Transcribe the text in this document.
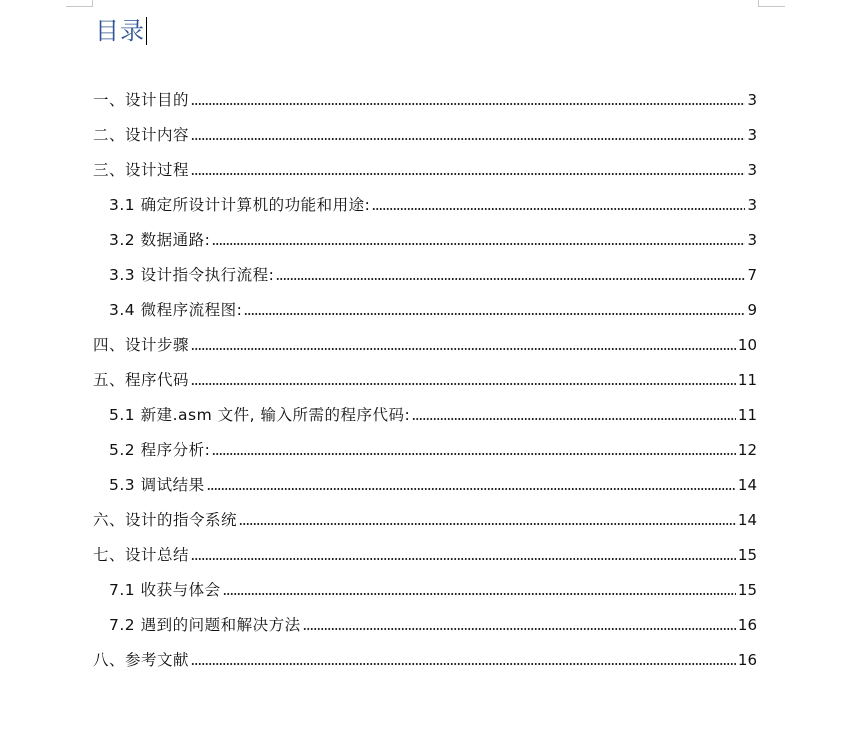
目录
一、设计目的	3
二、设计内容	3
三、设计过程	3
3.1 确定所设计计算机的功能和用途:	3
3.2 数据通路:	3
3.3 设计指令执行流程:	7
3.4 微程序流程图:	9
四、设计步骤	10
五、程序代码	11
5.1 新建.asm 文件, 输入所需的程序代码:	11
5.2 程序分析:	12
5.3 调试结果	14
六、设计的指令系统	14
七、设计总结	15
7.1 收获与体会	15
7.2 遇到的问题和解决方法	16
八、参考文献	16
